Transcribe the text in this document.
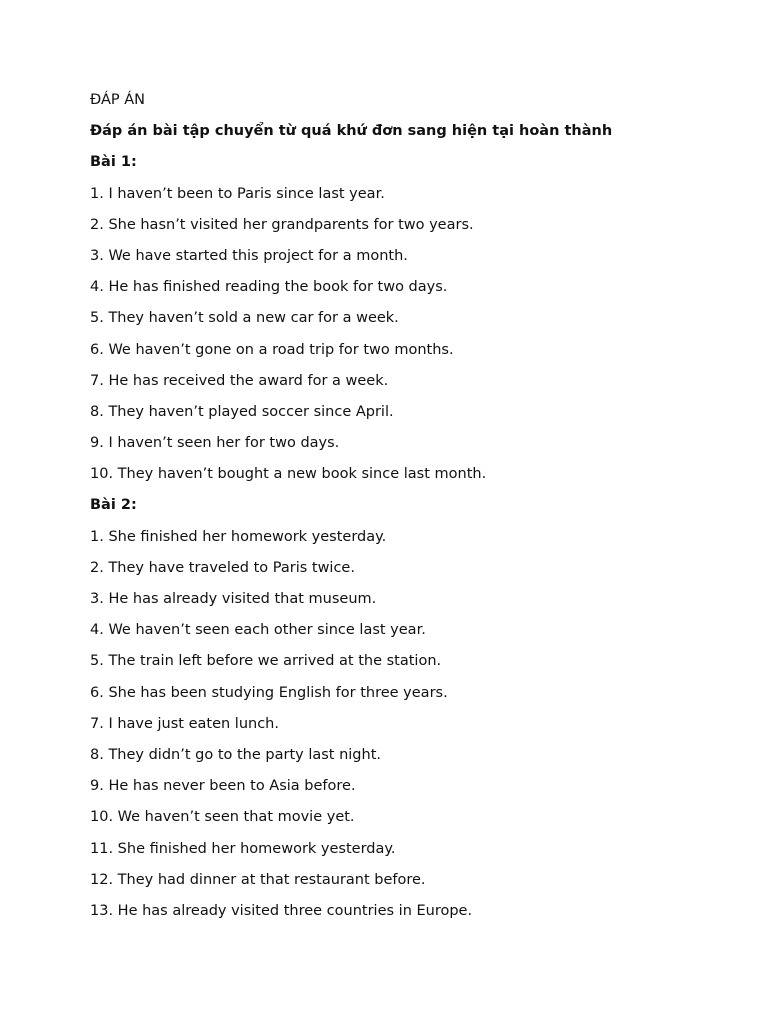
ĐÁP ÁN
Đáp án bài tập chuyển từ quá khứ đơn sang hiện tại hoàn thành
Bài 1:
1. I haven’t been to Paris since last year.
2. She hasn’t visited her grandparents for two years.
3. We have started this project for a month.
4. He has finished reading the book for two days.
5. They haven’t sold a new car for a week.
6. We haven’t gone on a road trip for two months.
7. He has received the award for a week.
8. They haven’t played soccer since April.
9. I haven’t seen her for two days.
10. They haven’t bought a new book since last month.
Bài 2:
1. She finished her homework yesterday.
2. They have traveled to Paris twice.
3. He has already visited that museum.
4. We haven’t seen each other since last year.
5. The train left before we arrived at the station.
6. She has been studying English for three years.
7. I have just eaten lunch.
8. They didn’t go to the party last night.
9. He has never been to Asia before.
10. We haven’t seen that movie yet.
11. She finished her homework yesterday.
12. They had dinner at that restaurant before.
13. He has already visited three countries in Europe.
